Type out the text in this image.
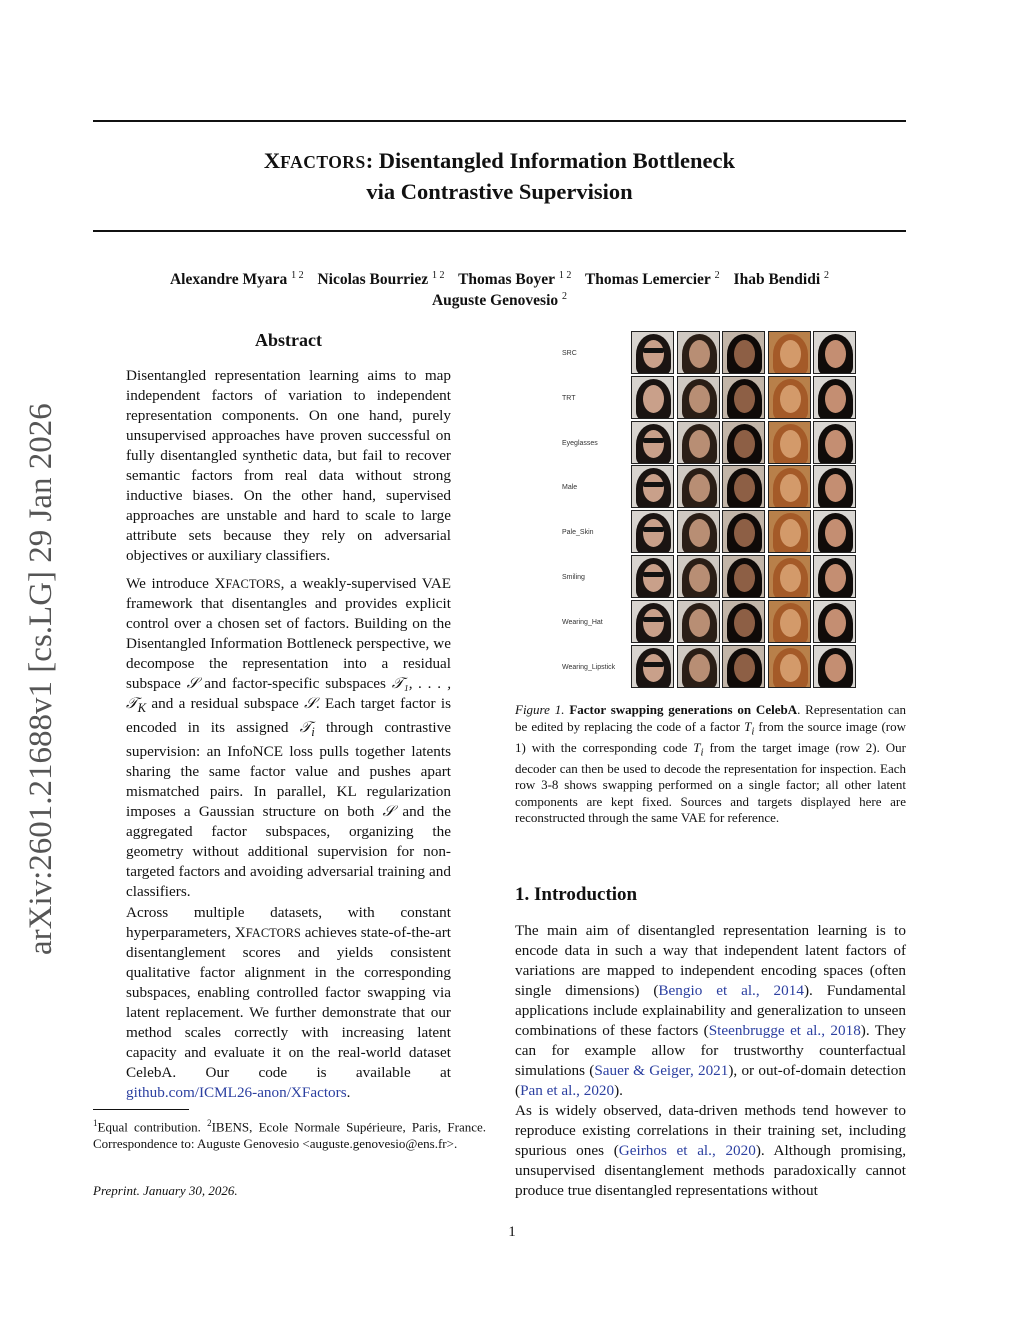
XFACTORS: Disentangled Information Bottleneck
via Contrastive Supervision
Alexandre Myara $^{1 2}$ Nicolas Bourriez $^{1 2}$ Thomas Boyer $^{1 2}$ Thomas Lemercier $^2$ Ihab Bendidi $^2$
Auguste Genovesio $^2$
arXiv:2601.21688v1 [cs.LG] 29 Jan 2026
Abstract
Disentangled representation learning aims to map independent factors of variation to independent representation components. On one hand, purely unsupervised approaches have proven successful on fully disentangled synthetic data, but fail to recover semantic factors from real data without strong inductive biases. On the other hand, supervised approaches are unstable and hard to scale to large attribute sets because they rely on adversarial objectives or auxiliary classifiers.
We introduce XFACTORS, a weakly-supervised VAE framework that disentangles and provides explicit control over a chosen set of factors. Building on the Disentangled Information Bottleneck perspective, we decompose the representation into a residual subspace 𝒮 and factor-specific subspaces 𝒯₁, . . . , 𝒯$_K$ and a residual subspace 𝒮. Each target factor is encoded in its assigned 𝒯$_i$ through contrastive supervision: an InfoNCE loss pulls together latents sharing the same factor value and pushes apart mismatched pairs. In parallel, KL regularization imposes a Gaussian structure on both 𝒮 and the aggregated factor subspaces, organizing the geometry without additional supervision for non-targeted factors and avoiding adversarial training and classifiers.
Across multiple datasets, with constant hyperparameters, XFACTORS achieves state-of-the-art disentanglement scores and yields consistent qualitative factor alignment in the corresponding subspaces, enabling controlled factor swapping via latent replacement. We further demonstrate that our method scales correctly with increasing latent capacity and evaluate it on the real-world dataset CelebA. Our code is available at github.com/ICML26-anon/XFactors.
$^1$Equal contribution. $^2$IBENS, Ecole Normale Supérieure, Paris, France. Correspondence to: Auguste Genovesio <auguste.genovesio@ens.fr>.
Preprint. January 30, 2026.
SRC
TRT
Eyeglasses
Male
Pale_Skin
Smiling
Wearing_Hat
Wearing_Lipstick
Figure 1. Factor swapping generations on CelebA. Representation can be edited by replacing the code of a factor $T_i$ from the source image (row 1) with the corresponding code $T_i$ from the target image (row 2). Our decoder can then be used to decode the representation for inspection. Each row 3-8 shows swapping performed on a single factor; all other latent components are kept fixed. Sources and targets displayed here are reconstructed through the same VAE for reference.
1. Introduction
The main aim of disentangled representation learning is to encode data in such a way that independent latent factors of variations are mapped to independent encoding spaces (often single dimensions) (Bengio et al., 2014). Fundamental applications include explainability and generalization to unseen combinations of these factors (Steenbrugge et al., 2018). They can for example allow for trustworthy counterfactual simulations (Sauer & Geiger, 2021), or out-of-domain detection (Pan et al., 2020).
As is widely observed, data-driven methods tend however to reproduce existing correlations in their training set, including spurious ones (Geirhos et al., 2020). Although promising, unsupervised disentanglement methods paradoxically cannot produce true disentangled representations without
1
